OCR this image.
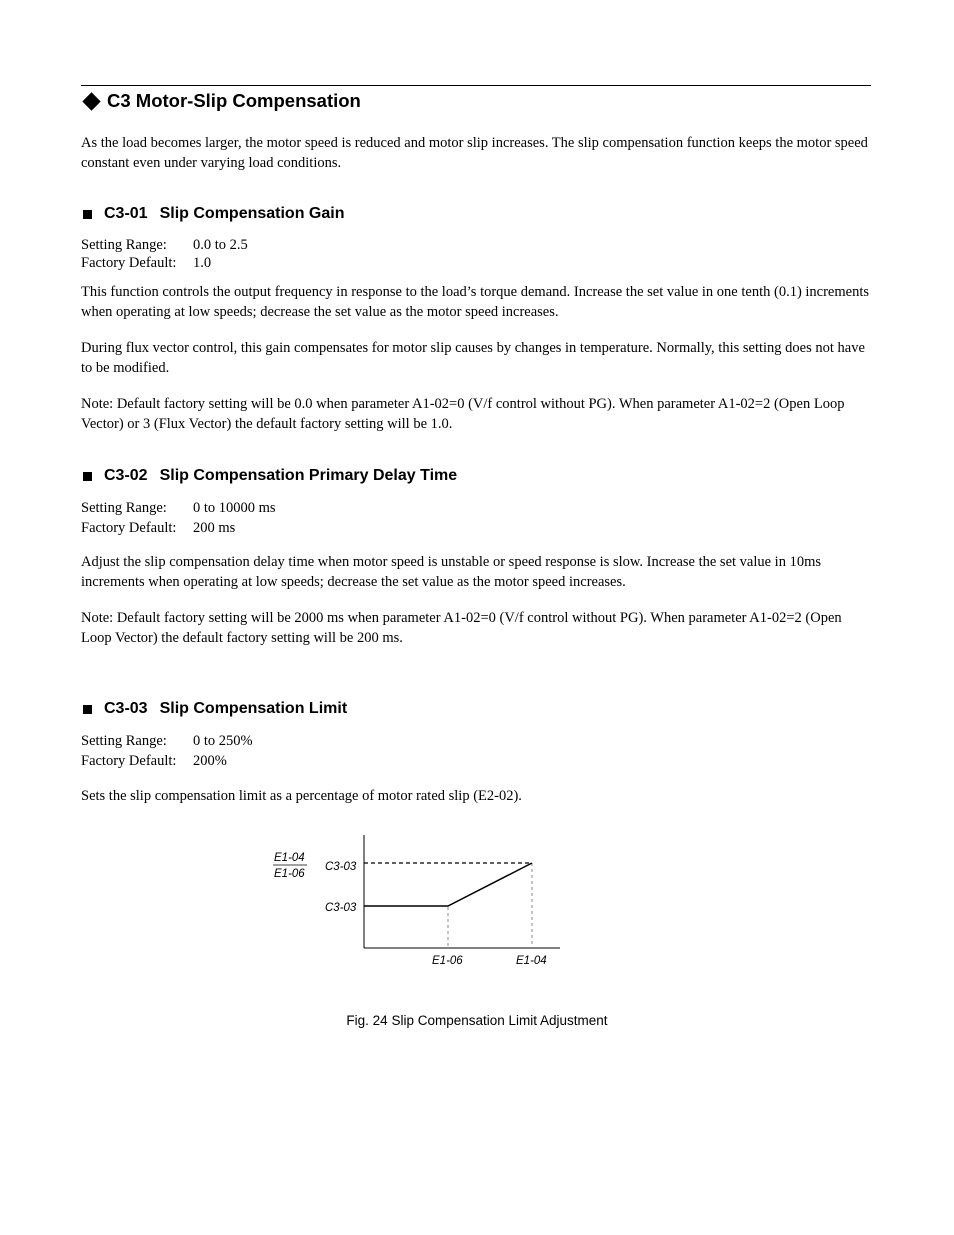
C3 Motor-Slip Compensation

As the load becomes larger, the motor speed is reduced and motor slip increases. The slip compensation function keeps the motor speed constant even under varying load conditions.

C3-01 Slip Compensation Gain
Setting Range: 0.0 to 2.5
Factory Default: 1.0

This function controls the output frequency in response to the load’s torque demand. Increase the set value in one tenth (0.1) increments when operating at low speeds; decrease the set value as the motor speed increases.

During flux vector control, this gain compensates for motor slip causes by changes in temperature. Normally, this setting does not have to be modified.

Note: Default factory setting will be 0.0 when parameter A1-02=0 (V/f control without PG). When parameter A1-02=2 (Open Loop Vector) or 3 (Flux Vector) the default factory setting will be 1.0.

C3-02 Slip Compensation Primary Delay Time
Setting Range: 0 to 10000 ms
Factory Default: 200 ms

Adjust the slip compensation delay time when motor speed is unstable or speed response is slow. Increase the set value in 10ms increments when operating at low speeds; decrease the set value as the motor speed increases.

Note: Default factory setting will be 2000 ms when parameter A1-02=0 (V/f control without PG). When parameter A1-02=2 (Open Loop Vector) the default factory setting will be 200 ms.

C3-03 Slip Compensation Limit
Setting Range: 0 to 250%
Factory Default: 200%

Sets the slip compensation limit as a percentage of motor rated slip (E2-02).

E1-04
E1-06
C3-03
C3-03
E1-06	E1-04
Fig. 24 Slip Compensation Limit Adjustment
